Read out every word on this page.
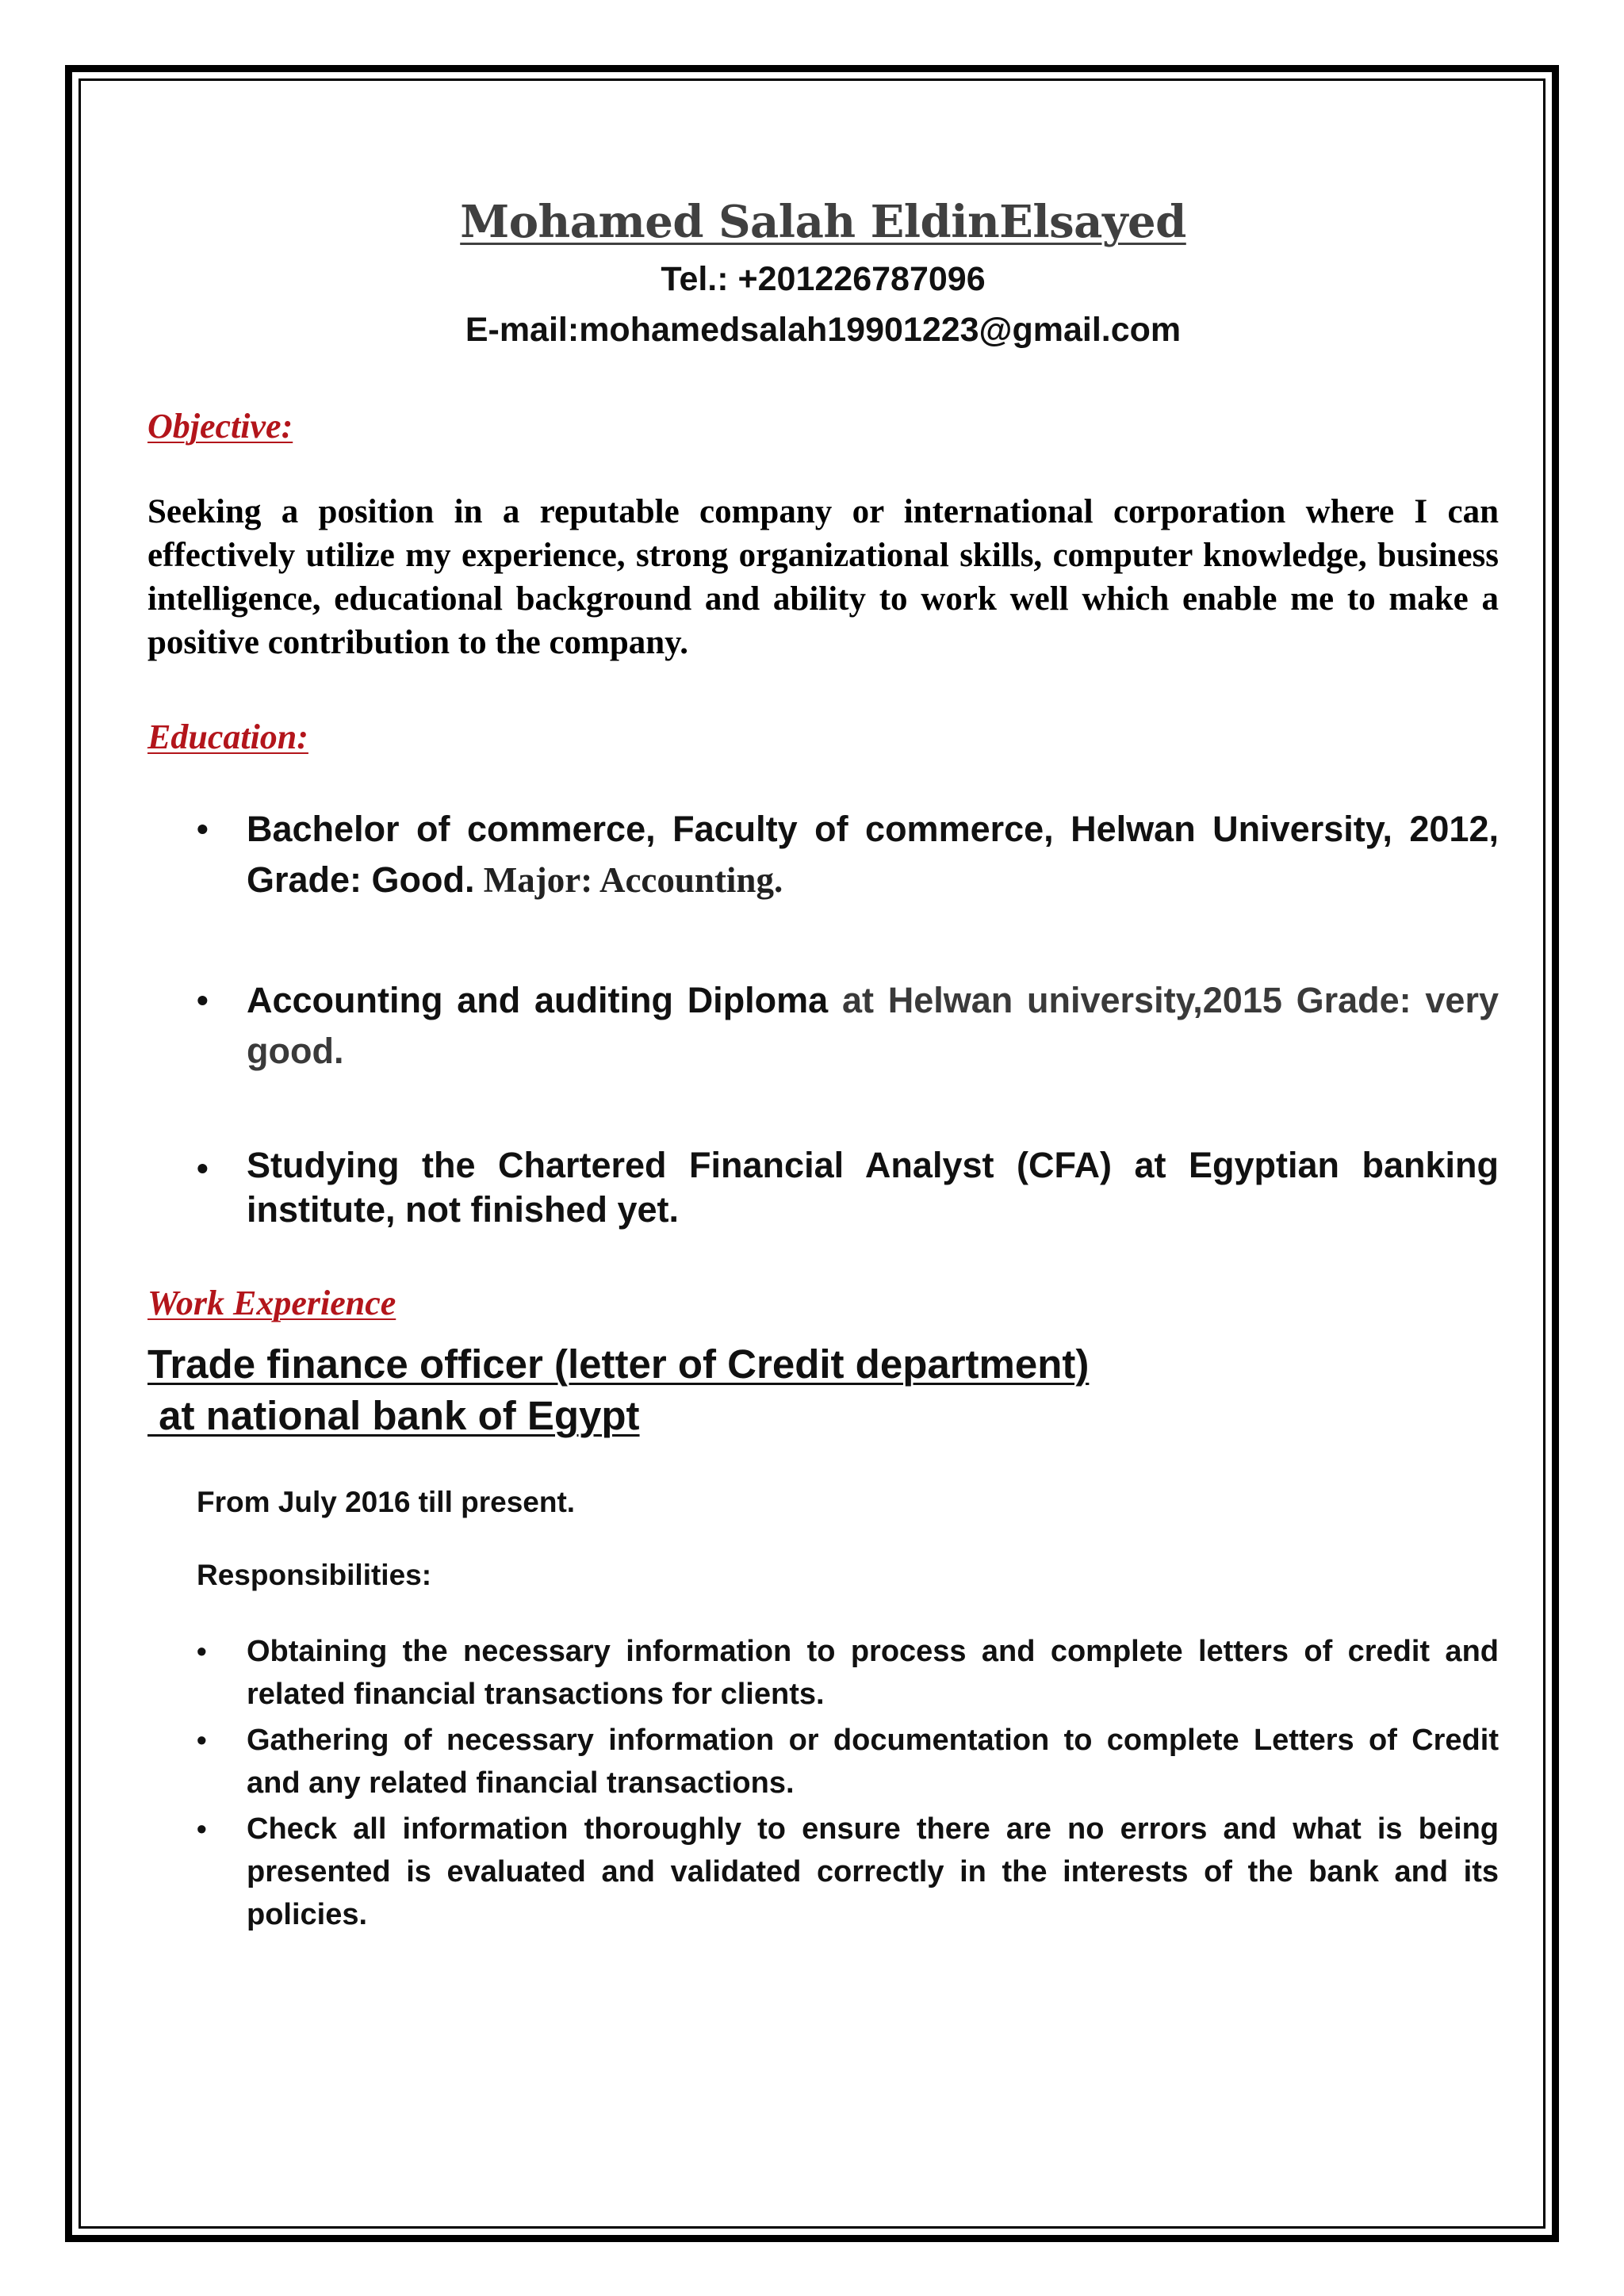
Mohamed Salah EldinElsayed

Tel.: +201226787096

E-mail:mohamedsalah19901223@gmail.com

Objective:

Seeking a position in a reputable company or international corporation where I can effectively utilize my experience, strong organizational skills, computer knowledge, business intelligence, educational background and ability to work well which enable me to make a positive contribution to the company.

Education:

• Bachelor of commerce, Faculty of commerce, Helwan University, 2012, Grade: Good. Major: Accounting.
• Accounting and auditing Diploma at Helwan university,2015 Grade: very good.
• Studying the Chartered Financial Analyst (CFA) at Egyptian banking institute, not finished yet.

Work Experience

Trade finance officer (letter of Credit department)

at national bank of Egypt

From July 2016 till present.

Responsibilities:

• Obtaining the necessary information to process and complete letters of credit and related financial transactions for clients.
• Gathering of necessary information or documentation to complete Letters of Credit and any related financial transactions.
• Check all information thoroughly to ensure there are no errors and what is being presented is evaluated and validated correctly in the interests of the bank and its policies.
